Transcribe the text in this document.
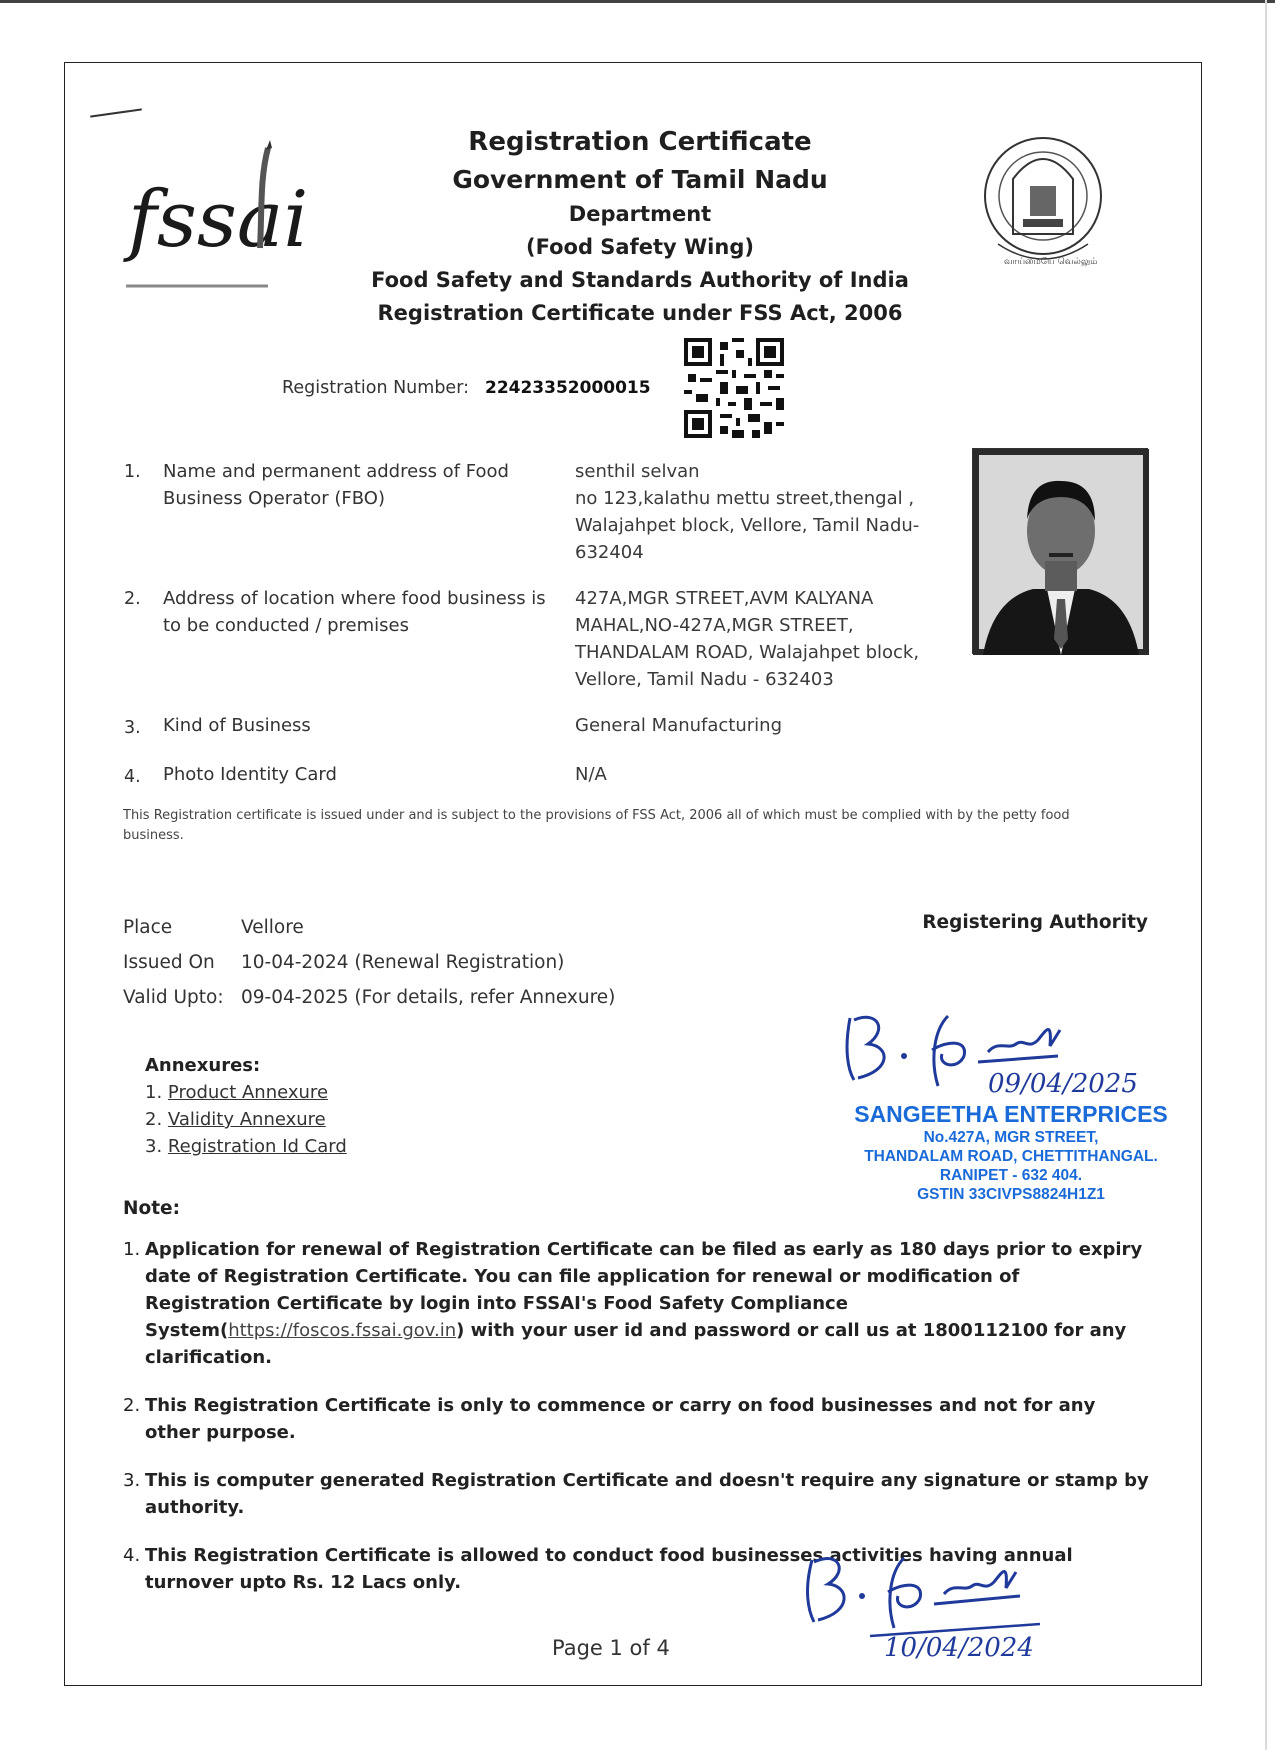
fssai	வாய்மையே வெல்லும்
Registration Certificate
Government of Tamil Nadu
Department
(Food Safety Wing)
Food Safety and Standards Authority of India
Registration Certificate under FSS Act, 2006
Registration Number: 22423352000015
1. Name and permanent address of Food Business Operator (FBO)
senthil selvan
no 123,kalathu mettu street,thengal , Walajahpet block, Vellore, Tamil Nadu-632404
2. Address of location where food business is to be conducted / premises
427A,MGR STREET,AVM KALYANA MAHAL,NO-427A,MGR STREET, THANDALAM ROAD, Walajahpet block, Vellore, Tamil Nadu - 632403
3. Kind of Business	General Manufacturing
4. Photo Identity Card	N/A
This Registration certificate is issued under and is subject to the provisions of FSS Act, 2006 all of which must be complied with by the petty food business.
Place	Vellore
Issued On 10-04-2024 (Renewal Registration)
Valid Upto: 09-04-2025 (For details, refer Annexure)
Registering Authority
Annexures:
1. Product Annexure
2. Validity Annexure
3. Registration Id Card
09/04/2025
SANGEETHA ENTERPRICES
No.427A, MGR STREET,
THANDALAM ROAD, CHETTITHANGAL.
RANIPET - 632 404.
GSTIN 33CIVPS8824H1Z1
Note:
1. Application for renewal of Registration Certificate can be filed as early as 180 days prior to expiry date of Registration Certificate. You can file application for renewal or modification of Registration Certificate by login into FSSAI's Food Safety Compliance System(https://foscos.fssai.gov.in) with your user id and password or call us at 1800112100 for any clarification.
2. This Registration Certificate is only to commence or carry on food businesses and not for any other purpose.
3. This is computer generated Registration Certificate and doesn't require any signature or stamp by authority.
4. This Registration Certificate is allowed to conduct food businesses activities having annual turnover upto Rs. 12 Lacs only.
10/04/2024
Page 1 of 4
